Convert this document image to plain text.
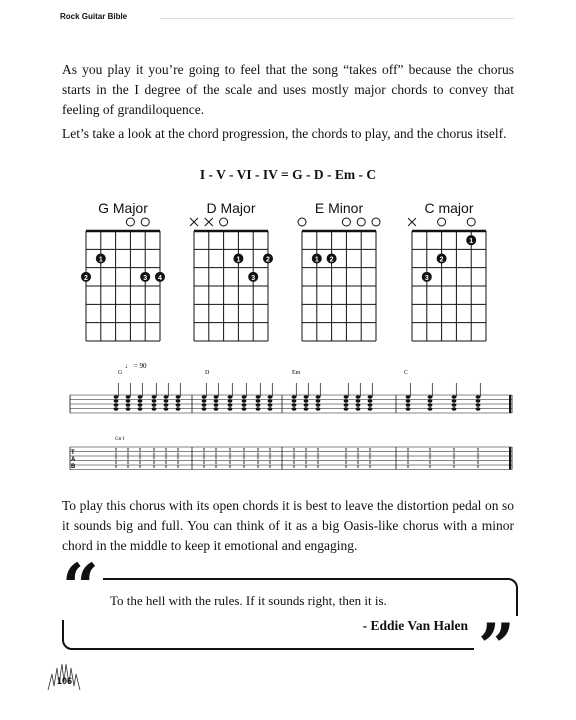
Rock Guitar Bible
As you play it you’re going to feel that the song “takes off” because the chorus starts in the I degree of the scale and uses mostly major chords to convey that feeling of grandiloquence.
Let’s take a look at the chord progression, the chords to play, and the chorus itself.
I - V - VI - IV = G - D - Em - C
G Major	D Major	E Minor	C major
1
2	3 4
1	2
3
1 2
1
2
3
♩ = 90
G	D	Em	C
Gtr I
T
A
B
0
0
0
0
0
0
0
0
0
0
0
0
0
0
0
0
0
0
0
0
0
0
0
0
0
0
0
0
0
0
0
0
0
0
0
0
0
0
0
0
0
0
0
0
0
0
0
0
0
0
0
0
0
0
0
0
0
0
0
0
0
0
0
0
0
0
0
0
0
0
0
0
0
0
0
0
0
0
0
0
0
0
0
0
0
0
0
0
0
0
0
0
0
0
0
0
0
0
0
0
0
0
0
0
0
0
0
0
0
0
To play this chorus with its open chords it is best to leave the distortion pedal on so it sounds big and full. You can think of it as a big Oasis-like chorus with a minor chord in the middle to keep it emotional and engaging.
“
”
To the hell with the rules. If it sounds right, then it is.
- Eddie Van Halen
106
